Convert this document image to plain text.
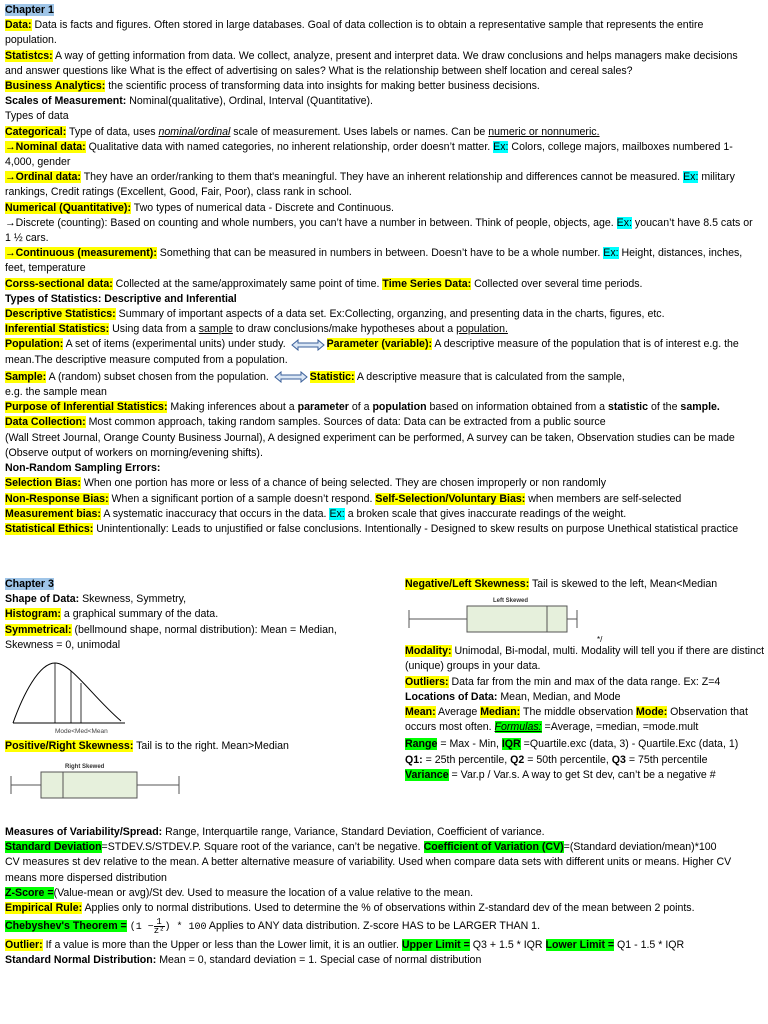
Chapter 1

Data: Data is facts and figures. Often stored in large databases. Goal of data collection is to obtain a representative sample that represents the entire population.

Statistcs: A way of getting information from data. We collect, analyze, present and interpret data. We draw conclusions and helps managers make decisions and answer questions like What is the effect of advertising on sales? What is the relationship between shelf location and cereal sales?

Business Analytics: the scientific process of transforming data into insights for making better business decisions.

Scales of Measurement: Nominal(qualitative), Ordinal, Interval (Quantitative).

Types of data

Categorical: Type of data, uses nominal/ordinal scale of measurement. Uses labels or names. Can be numeric or nonnumeric.

→Nominal data: Qualitative data with named categories, no inherent relationship, order doesn’t matter. Ex: Colors, college majors, mailboxes numbered 1-4,000, gender

→Ordinal data: They have an order/ranking to them that's meaningful. They have an inherent relationship and differences cannot be measured. Ex: military rankings, Credit ratings (Excellent, Good, Fair, Poor), class rank in school.

Numerical (Quantitative): Two types of numerical data - Discrete and Continuous.

→Discrete (counting): Based on counting and whole numbers, you can’t have a number in between. Think of people, objects, age. Ex: youcan’t have 8.5 cats or 1 ½ cars.

→Continuous (measurement): Something that can be measured in numbers in between. Doesn’t have to be a whole number. Ex: Height, distances, inches, feet, temperature

Corss-sectional data: Collected at the same/approximately same point of time. Time Series Data: Collected over several time periods.

Types of Statistics: Descriptive and Inferential

Descriptive Statistics: Summary of important aspects of a data set. Ex:Collecting, organzing, and presenting data in the charts, figures, etc.

Inferential Statistics: Using data from a sample to draw conclusions/make hypotheses about a population.

Population: A set of items (experimental units) under study.	Parameter (variable): A descriptive measure of the population that is of interest e.g. the mean.The descriptive measure computed from a population.

Sample: A (random) subset chosen from the population.	Statistic: A descriptive measure that is calculated from the sample,

e.g. the sample mean

Purpose of Inferential Statistics: Making inferences about a parameter of a population based on information obtained from a statistic of the sample.

Data Collection: Most common approach, taking random samples. Sources of data: Data can be extracted from a public source

(Wall Street Journal, Orange County Business Journal), A designed experiment can be performed, A survey can be taken, Observation studies can be made (Observe output of workers on morning/evening shifts).

Non-Random Sampling Errors:

Selection Bias: When one portion has more or less of a chance of being selected. They are chosen improperly or non randomly

Non-Response Bias: When a significant portion of a sample doesn’t respond. Self-Selection/Voluntary Bias: when members are self-selected

Measurement bias: A systematic inaccuracy that occurs in the data. Ex: a broken scale that gives inaccurate readings of the weight.

Statistical Ethics: Unintentionally: Leads to unjustified or false conclusions. Intentionally - Designed to skew results on purpose Unethical statistical practice

Chapter 3

Shape of Data: Skewness, Symmetry,

Histogram: a graphical summary of the data.

Symmetrical: (bellmound shape, normal distribution): Mean = Median, Skewness = 0, unimodal

Mode<Med<Mean

Positive/Right Skewness: Tail is to the right. Mean>Median

Right Skewed

Negative/Left Skewness: Tail is skewed to the left, Mean<Median

Left Skewed
*/

Modality: Unimodal, Bi-modal, multi. Modality will tell you if there are distinct (unique) groups in your data.

Outliers: Data far from the min and max of the data range. Ex: Z=4

Locations of Data: Mean, Median, and Mode

Mean: Average Median: The middle observation Mode: Observation that occurs most often. Formulas: =Average, =median, =mode.mult

Range = Max - Min, IQR =Quartile.exc (data, 3) - Quartile.Exc (data, 1)

Q1: = 25th percentile, Q2 = 50th percentile, Q3 = 75th percentile

Variance = Var.p / Var.s. A way to get St dev, can’t be a negative #

Measures of Variability/Spread: Range, Interquartile range, Variance, Standard Deviation, Coefficient of variance.

Standard Deviation=STDEV.S/STDEV.P. Square root of the variance, can’t be negative. Coefficient of Variation (CV)=(Standard deviation/mean)*100

CV measures st dev relative to the mean. A better alternative measure of variability. Used when compare data sets with different units or means. Higher CV means more dispersed distribution

Z-Score =(Value-mean or avg)/St dev. Used to measure the location of a value relative to the mean.

Empirical Rule: Applies only to normal distributions. Used to determine the % of observations within Z-standard dev of the mean between 2 points.

Chebyshev's Theorem = ($1 - \frac{1}{\text{z²}}$ ) * 100 Applies to ANY data distribution. Z-score HAS to be LARGER THAN 1.

Outlier: If a value is more than the Upper or less than the Lower limit, it is an outlier. Upper Limit = Q3 + 1.5 * IQR Lower Limit = Q1 - 1.5 * IQR

Standard Normal Distribution: Mean = 0, standard deviation = 1. Special case of normal distribution
